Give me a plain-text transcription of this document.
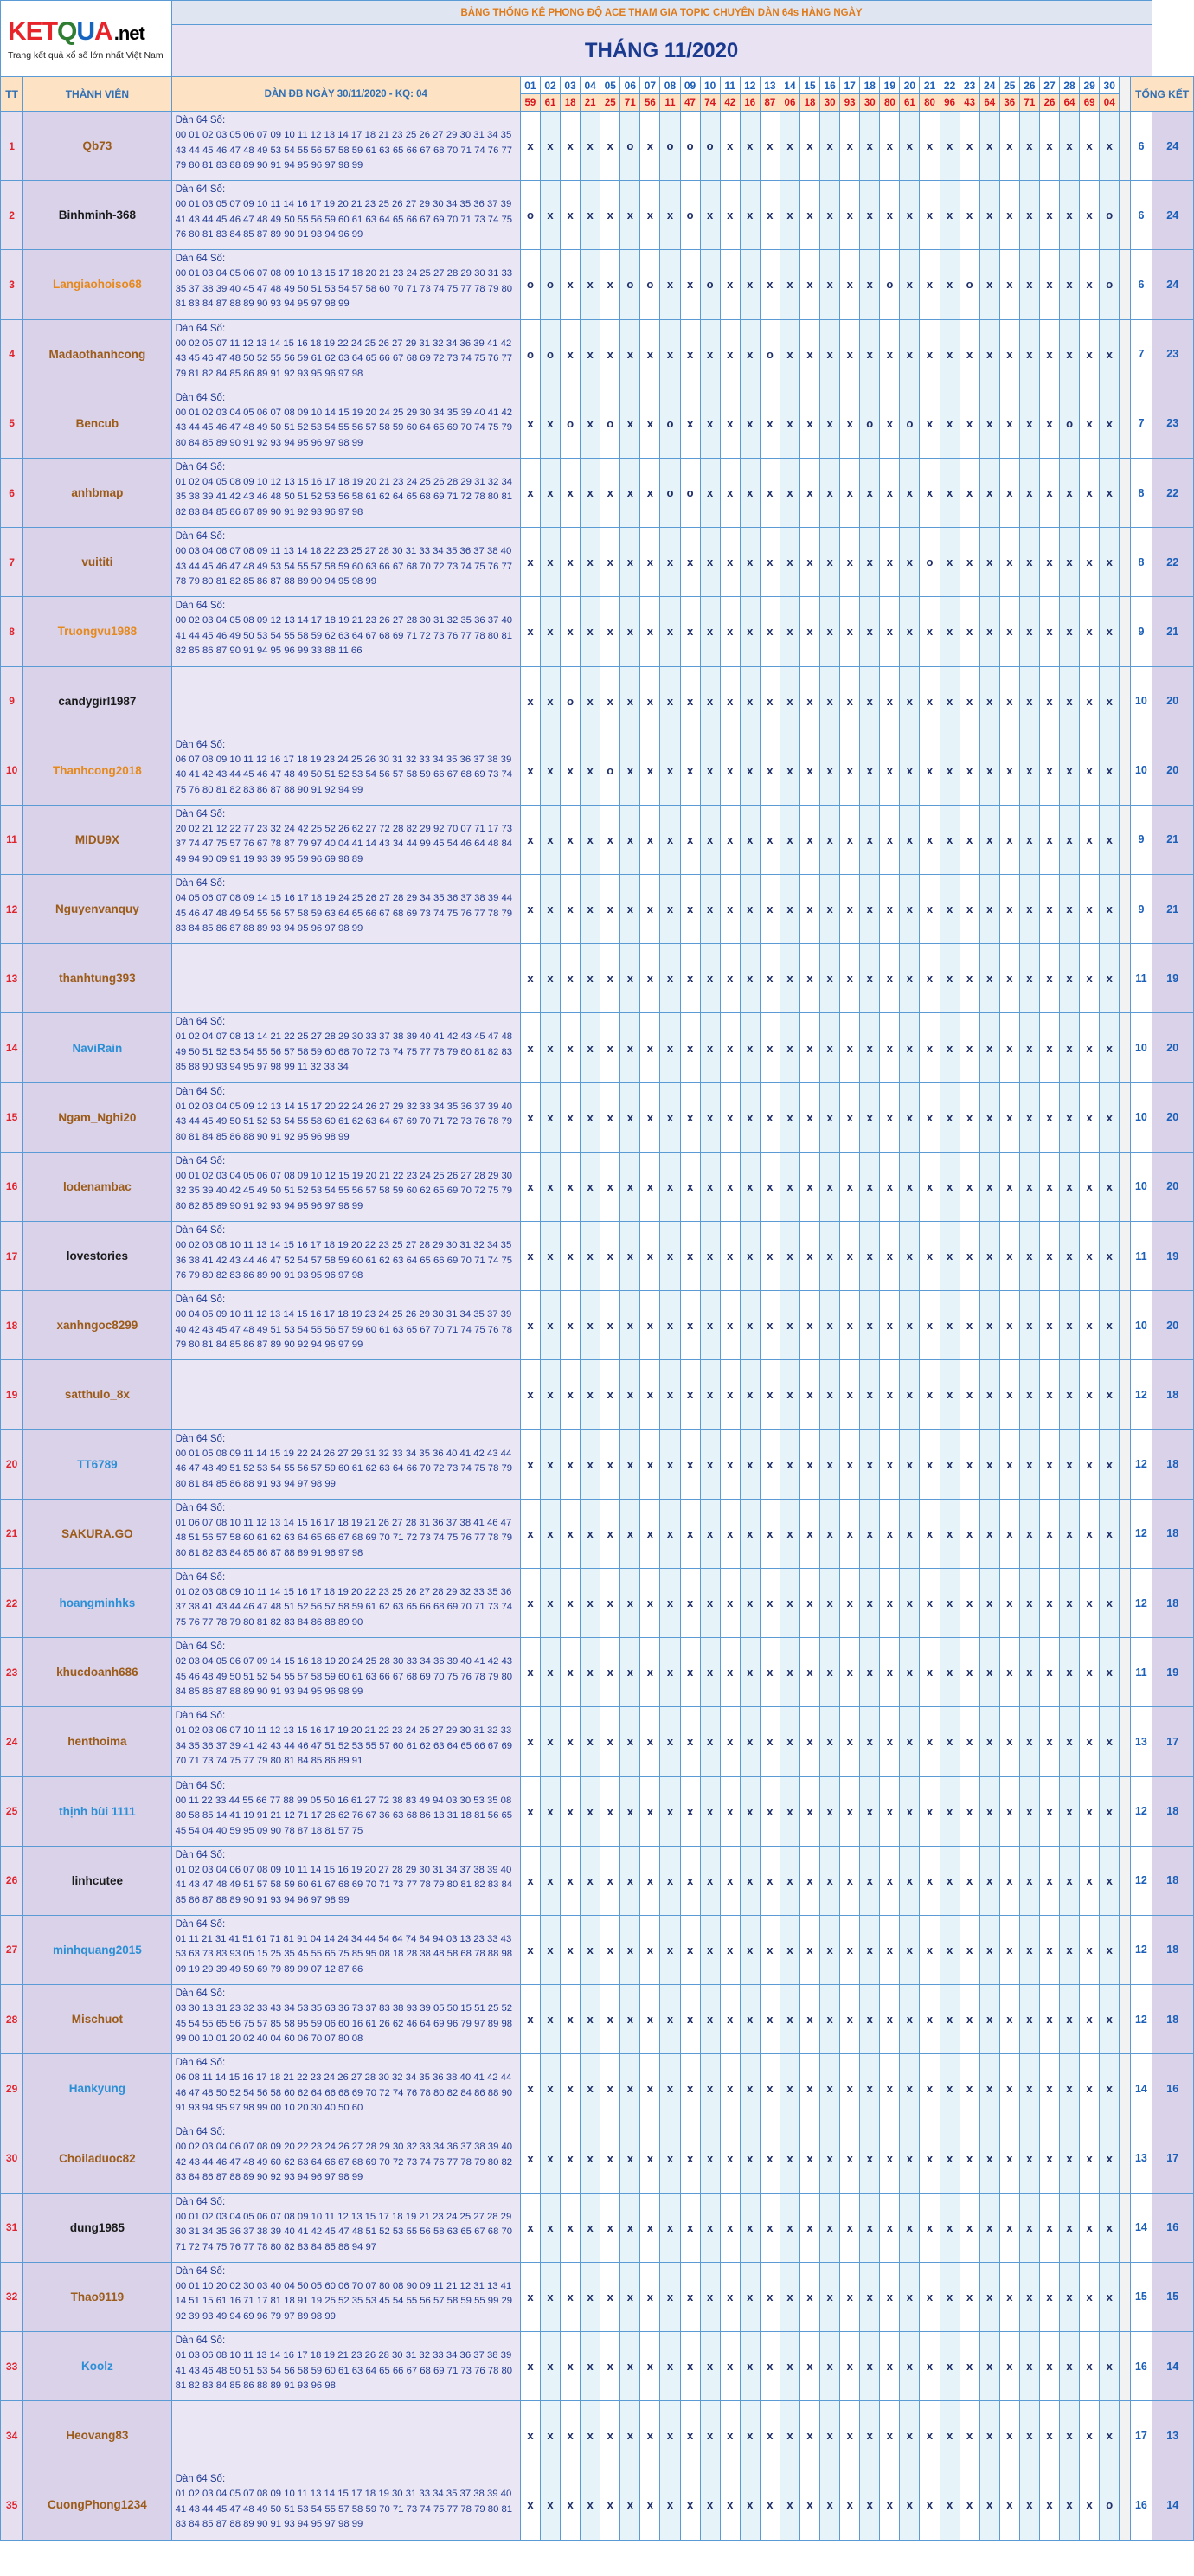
KETQUA.net
Trang kết quả xổ số lớn nhất Việt Nam		BẢNG THỐNG KÊ PHONG ĐỘ ACE THAM GIA TOPIC CHUYÊN DÀN 64s HÀNG NGÀY																																	
		THÁNG 11/2020																																	

TT	THÀNH VIÊN	DÀN ĐB NGÀY 30/11/2020 - KQ: 04	01	02	03	04	05	06	07	08	09	10	11	12	13	14	15	16	17	18	19	20	21	22	23	24	25	26	27	28	29	30		TỔNG KẾT	
			59	61	18	21	25	71	56	11	47	74	42	16	87	06	18	30	93	30	80	61	80	96	43	64	36	71	26	64	69	04			
1	Qb73	Dàn 64 Số:
00 01 02 03 05 06 07 09 10 11 12 13 14 17 18 21 23 25 26 27 29 30 31 34 35 43 44 45 46 47 48 49 53 54 55 56 57 58 59 61 63 65 66 67 68 70 71 74 76 77 79 80 81 83 88 89 90 91 94 95 96 97 98 99	x	x	x	x	x	o	x	o	o	o	x	x	x	x	x	x	x	x	x	x	x	x	x	x	x	x	x	x	x	x		6	24
2	Binhminh-368	Dàn 64 Số:
00 01 03 05 07 09 10 11 14 16 17 19 20 21 23 25 26 27 29 30 34 35 36 37 39 41 43 44 45 46 47 48 49 50 55 56 59 60 61 63 64 65 66 67 69 70 71 73 74 75 76 80 81 83 84 85 87 89 90 91 93 94 96 99	o	x	x	x	x	x	x	x	o	x	x	x	x	x	x	x	x	x	x	x	x	x	x	x	x	x	x	x	x	o		6	24
3	Langiaohoiso68	Dàn 64 Số:
00 01 03 04 05 06 07 08 09 10 13 15 17 18 20 21 23 24 25 27 28 29 30 31 33 35 37 38 39 40 45 47 48 49 50 51 53 54 57 58 60 70 71 73 74 75 77 78 79 80 81 83 84 87 88 89 90 93 94 95 97 98 99	o	o	x	x	x	o	o	x	x	o	x	x	x	x	x	x	x	x	o	x	x	x	o	x	x	x	x	x	x	o		6	24
4	Madaothanhcong	Dàn 64 Số:
00 02 05 07 11 12 13 14 15 16 18 19 22 24 25 26 27 29 31 32 34 36 39 41 42 43 45 46 47 48 50 52 55 56 59 61 62 63 64 65 66 67 68 69 72 73 74 75 76 77 79 81 82 84 85 86 89 91 92 93 95 96 97 98	o	o	x	x	x	x	x	x	x	x	x	x	o	x	x	x	x	x	x	x	x	x	x	x	x	x	x	x	x	x		7	23
5	Bencub	Dàn 64 Số:
00 01 02 03 04 05 06 07 08 09 10 14 15 19 20 24 25 29 30 34 35 39 40 41 42 43 44 45 46 47 48 49 50 51 52 53 54 55 56 57 58 59 60 64 65 69 70 74 75 79 80 84 85 89 90 91 92 93 94 95 96 97 98 99	x	x	o	x	o	x	x	o	x	x	x	x	x	x	x	x	x	o	x	o	x	x	x	x	x	x	x	o	x	x		7	23
6	anhbmap	Dàn 64 Số:
01 02 04 05 08 09 10 12 13 15 16 17 18 19 20 21 23 24 25 26 28 29 31 32 34 35 38 39 41 42 43 46 48 50 51 52 53 56 58 61 62 64 65 68 69 71 72 78 80 81 82 83 84 85 86 87 89 90 91 92 93 96 97 98	x	x	x	x	x	x	x	o	o	x	x	x	x	x	x	x	x	x	x	x	x	x	x	x	x	x	x	x	x	x		8	22
7	vuititi	Dàn 64 Số:
00 03 04 06 07 08 09 11 13 14 18 22 23 25 27 28 30 31 33 34 35 36 37 38 40 43 44 45 46 47 48 49 53 54 55 57 58 59 60 63 66 67 68 70 72 73 74 75 76 77 78 79 80 81 82 85 86 87 88 89 90 94 95 98 99	x	x	x	x	x	x	x	x	x	x	x	x	x	x	x	x	x	x	x	x	o	x	x	x	x	x	x	x	x	x		8	22
8	Truongvu1988	Dàn 64 Số:
00 02 03 04 05 08 09 12 13 14 17 18 19 21 23 26 27 28 30 31 32 35 36 37 40 41 44 45 46 49 50 53 54 55 58 59 62 63 64 67 68 69 71 72 73 76 77 78 80 81 82 85 86 87 90 91 94 95 96 99 33 88 11 66	x	x	x	x	x	x	x	x	x	x	x	x	x	x	x	x	x	x	x	x	x	x	x	x	x	x	x	x	x	x		9	21
9	candygirl1987		x	x	o	x	x	x	x	x	x	x	x	x	x	x	x	x	x	x	x	x	x	x	x	x	x	x	x	x	x	x		10	20
10	Thanhcong2018	Dàn 64 Số:
06 07 08 09 10 11 12 16 17 18 19 23 24 25 26 30 31 32 33 34 35 36 37 38 39 40 41 42 43 44 45 46 47 48 49 50 51 52 53 54 56 57 58 59 66 67 68 69 73 74 75 76 80 81 82 83 86 87 88 90 91 92 94 99	x	x	x	x	o	x	x	x	x	x	x	x	x	x	x	x	x	x	x	x	x	x	x	x	x	x	x	x	x	x		10	20
11	MIDU9X	Dàn 64 Số:
20 02 21 12 22 77 23 32 24 42 25 52 26 62 27 72 28 82 29 92 70 07 71 17 73 37 74 47 75 57 76 67 78 87 79 97 40 04 41 14 43 34 44 99 45 54 46 64 48 84 49 94 90 09 91 19 93 39 95 59 96 69 98 89	x	x	x	x	x	x	x	x	x	x	x	x	x	x	x	x	x	x	x	x	x	x	x	x	x	x	x	x	x	x		9	21
12	Nguyenvanquy	Dàn 64 Số:
04 05 06 07 08 09 14 15 16 17 18 19 24 25 26 27 28 29 34 35 36 37 38 39 44 45 46 47 48 49 54 55 56 57 58 59 63 64 65 66 67 68 69 73 74 75 76 77 78 79 83 84 85 86 87 88 89 93 94 95 96 97 98 99	x	x	x	x	x	x	x	x	x	x	x	x	x	x	x	x	x	x	x	x	x	x	x	x	x	x	x	x	x	x		9	21
13	thanhtung393		x	x	x	x	x	x	x	x	x	x	x	x	x	x	x	x	x	x	x	x	x	x	x	x	x	x	x	x	x	x		11	19
14	NaviRain	Dàn 64 Số:
01 02 04 07 08 13 14 21 22 25 27 28 29 30 33 37 38 39 40 41 42 43 45 47 48 49 50 51 52 53 54 55 56 57 58 59 60 68 70 72 73 74 75 77 78 79 80 81 82 83 85 88 90 93 94 95 97 98 99 11 32 33 34	x	x	x	x	x	x	x	x	x	x	x	x	x	x	x	x	x	x	x	x	x	x	x	x	x	x	x	x	x	x		10	20
15	Ngam_Nghi20	Dàn 64 Số:
01 02 03 04 05 09 12 13 14 15 17 20 22 24 26 27 29 32 33 34 35 36 37 39 40 43 44 45 49 50 51 52 53 54 55 58 60 61 62 63 64 67 69 70 71 72 73 76 78 79 80 81 84 85 86 88 90 91 92 95 96 98 99	x	x	x	x	x	x	x	x	x	x	x	x	x	x	x	x	x	x	x	x	x	x	x	x	x	x	x	x	x	x		10	20
16	lodenambac	Dàn 64 Số:
00 01 02 03 04 05 06 07 08 09 10 12 15 19 20 21 22 23 24 25 26 27 28 29 30 32 35 39 40 42 45 49 50 51 52 53 54 55 56 57 58 59 60 62 65 69 70 72 75 79 80 82 85 89 90 91 92 93 94 95 96 97 98 99	x	x	x	x	x	x	x	x	x	x	x	x	x	x	x	x	x	x	x	x	x	x	x	x	x	x	x	x	x	x		10	20
17	lovestories	Dàn 64 Số:
00 02 03 08 10 11 13 14 15 16 17 18 19 20 22 23 25 27 28 29 30 31 32 34 35 36 38 41 42 43 44 46 47 52 54 57 58 59 60 61 62 63 64 65 66 69 70 71 74 75 76 79 80 82 83 86 89 90 91 93 95 96 97 98	x	x	x	x	x	x	x	x	x	x	x	x	x	x	x	x	x	x	x	x	x	x	x	x	x	x	x	x	x	x		11	19
18	xanhngoc8299	Dàn 64 Số:
00 04 05 09 10 11 12 13 14 15 16 17 18 19 23 24 25 26 29 30 31 34 35 37 39 40 42 43 45 47 48 49 51 53 54 55 56 57 59 60 61 63 65 67 70 71 74 75 76 78 79 80 81 84 85 86 87 89 90 92 94 96 97 99	x	x	x	x	x	x	x	x	x	x	x	x	x	x	x	x	x	x	x	x	x	x	x	x	x	x	x	x	x	x		10	20
19	satthulo_8x		x	x	x	x	x	x	x	x	x	x	x	x	x	x	x	x	x	x	x	x	x	x	x	x	x	x	x	x	x	x		12	18
20	TT6789	Dàn 64 Số:
00 01 05 08 09 11 14 15 19 22 24 26 27 29 31 32 33 34 35 36 40 41 42 43 44 46 47 48 49 51 52 53 54 55 56 57 59 60 61 62 63 64 66 70 72 73 74 75 78 79 80 81 84 85 86 88 91 93 94 97 98 99	x	x	x	x	x	x	x	x	x	x	x	x	x	x	x	x	x	x	x	x	x	x	x	x	x	x	x	x	x	x		12	18
21	SAKURA.GO	Dàn 64 Số:
01 06 07 08 10 11 12 13 14 15 16 17 18 19 21 26 27 28 31 36 37 38 41 46 47 48 51 56 57 58 60 61 62 63 64 65 66 67 68 69 70 71 72 73 74 75 76 77 78 79 80 81 82 83 84 85 86 87 88 89 91 96 97 98	x	x	x	x	x	x	x	x	x	x	x	x	x	x	x	x	x	x	x	x	x	x	x	x	x	x	x	x	x	x		12	18
22	hoangminhks	Dàn 64 Số:
01 02 03 08 09 10 11 14 15 16 17 18 19 20 22 23 25 26 27 28 29 32 33 35 36 37 38 41 43 44 46 47 48 51 52 56 57 58 59 61 62 63 65 66 68 69 70 71 73 74 75 76 77 78 79 80 81 82 83 84 86 88 89 90	x	x	x	x	x	x	x	x	x	x	x	x	x	x	x	x	x	x	x	x	x	x	x	x	x	x	x	x	x	x		12	18
23	khucdoanh686	Dàn 64 Số:
02 03 04 05 06 07 09 14 15 16 18 19 20 24 25 28 30 33 34 36 39 40 41 42 43 45 46 48 49 50 51 52 54 55 57 58 59 60 61 63 66 67 68 69 70 75 76 78 79 80 84 85 86 87 88 89 90 91 93 94 95 96 98 99	x	x	x	x	x	x	x	x	x	x	x	x	x	x	x	x	x	x	x	x	x	x	x	x	x	x	x	x	x	x		11	19
24	henthoima	Dàn 64 Số:
01 02 03 06 07 10 11 12 13 15 16 17 19 20 21 22 23 24 25 27 29 30 31 32 33 34 35 36 37 39 41 42 43 44 46 47 51 52 53 55 57 60 61 62 63 64 65 66 67 69 70 71 73 74 75 77 79 80 81 84 85 86 89 91	x	x	x	x	x	x	x	x	x	x	x	x	x	x	x	x	x	x	x	x	x	x	x	x	x	x	x	x	x	x		13	17
25	thịnh bùi 1111	Dàn 64 Số:
00 11 22 33 44 55 66 77 88 99 05 50 16 61 27 72 38 83 49 94 03 30 53 35 08 80 58 85 14 41 19 91 21 12 71 17 26 62 76 67 36 63 68 86 13 31 18 81 56 65 45 54 04 40 59 95 09 90 78 87 18 81 57 75	x	x	x	x	x	x	x	x	x	x	x	x	x	x	x	x	x	x	x	x	x	x	x	x	x	x	x	x	x	x		12	18
26	linhcutee	Dàn 64 Số:
01 02 03 04 06 07 08 09 10 11 14 15 16 19 20 27 28 29 30 31 34 37 38 39 40 41 43 47 48 49 51 57 58 59 60 61 67 68 69 70 71 73 77 78 79 80 81 82 83 84 85 86 87 88 89 90 91 93 94 96 97 98 99	x	x	x	x	x	x	x	x	x	x	x	x	x	x	x	x	x	x	x	x	x	x	x	x	x	x	x	x	x	x		12	18
27	minhquang2015	Dàn 64 Số:
01 11 21 31 41 51 61 71 81 91 04 14 24 34 44 54 64 74 84 94 03 13 23 33 43 53 63 73 83 93 05 15 25 35 45 55 65 75 85 95 08 18 28 38 48 58 68 78 88 98 09 19 29 39 49 59 69 79 89 99 07 12 87 66	x	x	x	x	x	x	x	x	x	x	x	x	x	x	x	x	x	x	x	x	x	x	x	x	x	x	x	x	x	x		12	18
28	Mischuot	Dàn 64 Số:
03 30 13 31 23 32 33 43 34 53 35 63 36 73 37 83 38 93 39 05 50 15 51 25 52 45 54 55 65 56 75 57 85 58 95 59 06 60 16 61 26 62 46 64 69 96 79 97 89 98 99 00 10 01 20 02 40 04 60 06 70 07 80 08	x	x	x	x	x	x	x	x	x	x	x	x	x	x	x	x	x	x	x	x	x	x	x	x	x	x	x	x	x	x		12	18
29	Hankyung	Dàn 64 Số:
06 08 11 14 15 16 17 18 21 22 23 24 26 27 28 30 32 34 35 36 38 40 41 42 44 46 47 48 50 52 54 56 58 60 62 64 66 68 69 70 72 74 76 78 80 82 84 86 88 90 91 93 94 95 97 98 99 00 10 20 30 40 50 60	x	x	x	x	x	x	x	x	x	x	x	x	x	x	x	x	x	x	x	x	x	x	x	x	x	x	x	x	x	x		14	16
30	Choiladuoc82	Dàn 64 Số:
00 02 03 04 06 07 08 09 20 22 23 24 26 27 28 29 30 32 33 34 36 37 38 39 40 42 43 44 46 47 48 49 60 62 63 64 66 67 68 69 70 72 73 74 76 77 78 79 80 82 83 84 86 87 88 89 90 92 93 94 96 97 98 99	x	x	x	x	x	x	x	x	x	x	x	x	x	x	x	x	x	x	x	x	x	x	x	x	x	x	x	x	x	x		13	17
31	dung1985	Dàn 64 Số:
00 01 02 03 04 05 06 07 08 09 10 11 12 13 15 17 18 19 21 23 24 25 27 28 29 30 31 34 35 36 37 38 39 40 41 42 45 47 48 51 52 53 55 56 58 63 65 67 68 70 71 72 74 75 76 77 78 80 82 83 84 85 88 94 97	x	x	x	x	x	x	x	x	x	x	x	x	x	x	x	x	x	x	x	x	x	x	x	x	x	x	x	x	x	x		14	16
32	Thao9119	Dàn 64 Số:
00 01 10 20 02 30 03 40 04 50 05 60 06 70 07 80 08 90 09 11 21 12 31 13 41 14 51 15 61 16 71 17 81 18 91 19 25 52 35 53 45 54 55 56 57 58 59 55 99 29 92 39 93 49 94 69 96 79 97 89 98 99	x	x	x	x	x	x	x	x	x	x	x	x	x	x	x	x	x	x	x	x	x	x	x	x	x	x	x	x	x	x		15	15
33	Koolz	Dàn 64 Số:
01 03 06 08 10 11 13 14 16 17 18 19 21 23 26 28 30 31 32 33 34 36 37 38 39 41 43 46 48 50 51 53 54 56 58 59 60 61 63 64 65 66 67 68 69 71 73 76 78 80 81 82 83 84 85 86 88 89 91 93 96 98	x	x	x	x	x	x	x	x	x	x	x	x	x	x	x	x	x	x	x	x	x	x	x	x	x	x	x	x	x	x		16	14
34	Heovang83		x	x	x	x	x	x	x	x	x	x	x	x	x	x	x	x	x	x	x	x	x	x	x	x	x	x	x	x	x	x		17	13
35	CuongPhong1234	Dàn 64 Số:
01 02 03 04 05 07 08 09 10 11 13 14 15 17 18 19 30 31 33 34 35 37 38 39 40 41 43 44 45 47 48 49 50 51 53 54 55 57 58 59 70 71 73 74 75 77 78 79 80 81 83 84 85 87 88 89 90 91 93 94 95 97 98 99	x	x	x	x	x	x	x	x	x	x	x	x	x	x	x	x	x	x	x	x	x	x	x	x	x	x	x	x	x	o		16	14
